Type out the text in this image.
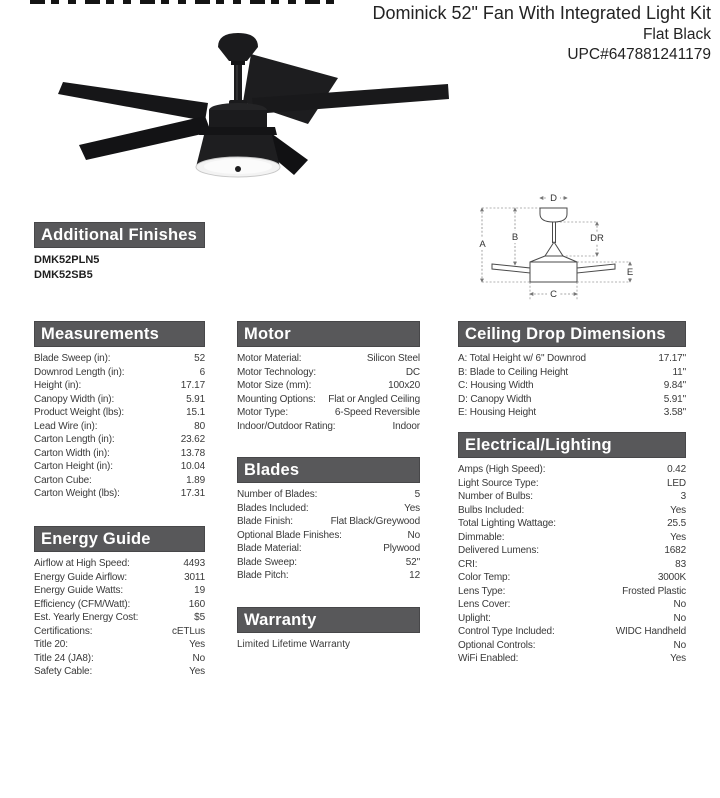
Dominick 52" Fan With Integrated Light Kit
Flat Black
UPC#647881241179
A
B	DR
E
D
C
Additional Finishes
DMK52PLN5
DMK52SB5
Measurements
Blade Sweep (in):	52
Downrod Length (in):	6
Height (in):	17.17
Canopy Width (in):	5.91
Product Weight (lbs):	15.1
Lead Wire (in):	80
Carton Length (in):	23.62
Carton Width (in):	13.78
Carton Height (in):	10.04
Carton Cube:	1.89
Carton Weight (lbs):	17.31
Energy Guide
Airflow at High Speed:	4493
Energy Guide Airflow:	3011
Energy Guide Watts:	19
Efficiency (CFM/Watt):	160
Est. Yearly Energy Cost:	$5
Certifications:	cETLus
Title 20:	Yes
Title 24 (JA8):	No
Safety Cable:	Yes
Motor
Motor Material:	Silicon Steel
Motor Technology:	DC
Motor Size (mm):	100x20
Mounting Options: Flat or Angled Ceiling
Motor Type:	6-Speed Reversible
Indoor/Outdoor Rating:	Indoor
Blades
Number of Blades:	5
Blades Included:	Yes
Blade Finish:	Flat Black/Greywood
Optional Blade Finishes:	No
Blade Material:	Plywood
Blade Sweep:	52"
Blade Pitch:	12
Warranty
Limited Lifetime Warranty
Ceiling Drop Dimensions
A: Total Height w/ 6" Downrod	17.17"
B: Blade to Ceiling Height	11"
C: Housing Width	9.84"
D: Canopy Width	5.91"
E: Housing Height	3.58"
Electrical/Lighting
Amps (High Speed):	0.42
Light Source Type:	LED
Number of Bulbs:	3
Bulbs Included:	Yes
Total Lighting Wattage:	25.5
Dimmable:	Yes
Delivered Lumens:	1682
CRI:	83
Color Temp:	3000K
Lens Type:	Frosted Plastic
Lens Cover:	No
Uplight:	No
Control Type Included:	WIDC Handheld
Optional Controls:	No
WiFi Enabled:	Yes
